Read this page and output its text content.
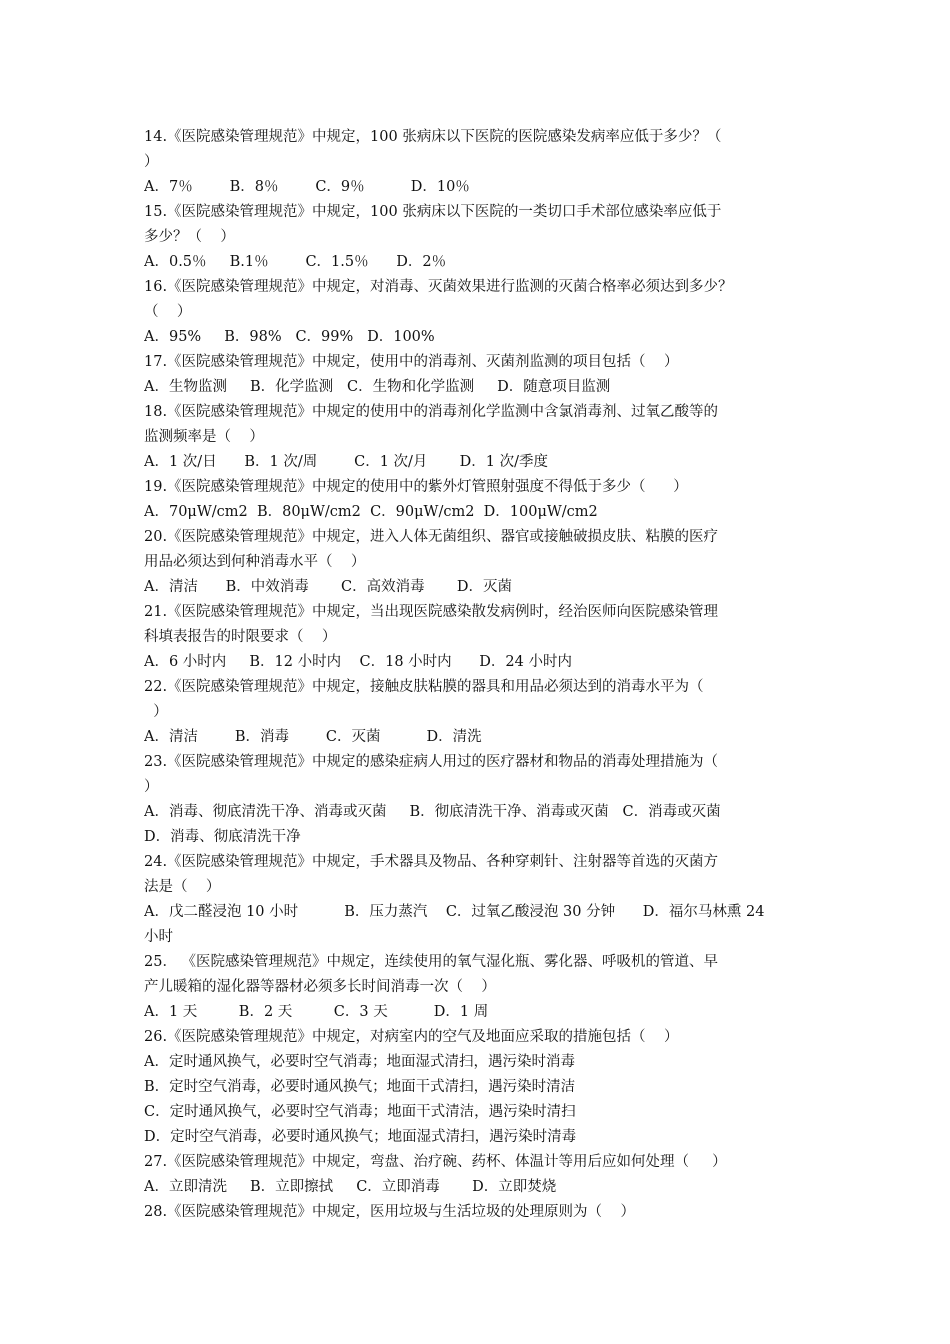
14.《医院感染管理规范》中规定，100 张病床以下医院的医院感染发病率应低于多少？（
）
A．7％        B．8％        C．9％          D．10％
15.《医院感染管理规范》中规定，100 张病床以下医院的一类切口手术部位感染率应低于
多少？（    ）
A．0.5％     B.1％        C．1.5％      D．2％
16.《医院感染管理规范》中规定，对消毒、灭菌效果进行监测的灭菌合格率必须达到多少？
（    ）
A．95%     B．98%   C．99%   D．100%
17.《医院感染管理规范》中规定，使用中的消毒剂、灭菌剂监测的项目包括（    ）
A．生物监测     B．化学监测   C．生物和化学监测     D．随意项目监测
18.《医院感染管理规范》中规定的使用中的消毒剂化学监测中含氯消毒剂、过氧乙酸等的
监测频率是（    ）
A．1 次/日      B．1 次/周        C．1 次/月       D．1 次/季度
19.《医院感染管理规范》中规定的使用中的紫外灯管照射强度不得低于多少（      ）
A．70μW/cm2  B．80μW/cm2  C．90μW/cm2  D．100μW/cm2
20.《医院感染管理规范》中规定，进入人体无菌组织、器官或接触破损皮肤、粘膜的医疗
用品必须达到何种消毒水平（    ）
A．清洁      B．中效消毒       C．高效消毒       D．灭菌
21.《医院感染管理规范》中规定，当出现医院感染散发病例时，经治医师向医院感染管理
科填表报告的时限要求（    ）
A．6 小时内     B．12 小时内    C．18 小时内      D．24 小时内
22.《医院感染管理规范》中规定，接触皮肤粘膜的器具和用品必须达到的消毒水平为（
）
A．清洁        B．消毒        C．灭菌          D．清洗
23.《医院感染管理规范》中规定的感染症病人用过的医疗器材和物品的消毒处理措施为（
）
A．消毒、彻底清洗干净、消毒或灭菌     B．彻底清洗干净、消毒或灭菌   C．消毒或灭菌
D．消毒、彻底清洗干净
24.《医院感染管理规范》中规定，手术器具及物品、各种穿刺针、注射器等首选的灭菌方
法是（    ）
A．戊二醛浸泡 10 小时          B．压力蒸汽    C．过氧乙酸浸泡 30 分钟      D．福尔马林熏 24
小时
25． 《医院感染管理规范》中规定，连续使用的氧气湿化瓶、雾化器、呼吸机的管道、早
产儿暖箱的湿化器等器材必须多长时间消毒一次（    ）
A．1 天         B．2 天         C．3 天          D．1 周
26.《医院感染管理规范》中规定，对病室内的空气及地面应采取的措施包括（    ）
A．定时通风换气，必要时空气消毒；地面湿式清扫，遇污染时消毒
B．定时空气消毒，必要时通风换气；地面干式清扫，遇污染时清洁
C．定时通风换气，必要时空气消毒；地面干式清洁，遇污染时清扫
D．定时空气消毒，必要时通风换气；地面湿式清扫，遇污染时清毒
27.《医院感染管理规范》中规定，弯盘、治疗碗、药杯、体温计等用后应如何处理（     ）
A．立即清洗     B．立即擦拭     C．立即消毒       D．立即焚烧
28.《医院感染管理规范》中规定，医用垃圾与生活垃圾的处理原则为（    ）
